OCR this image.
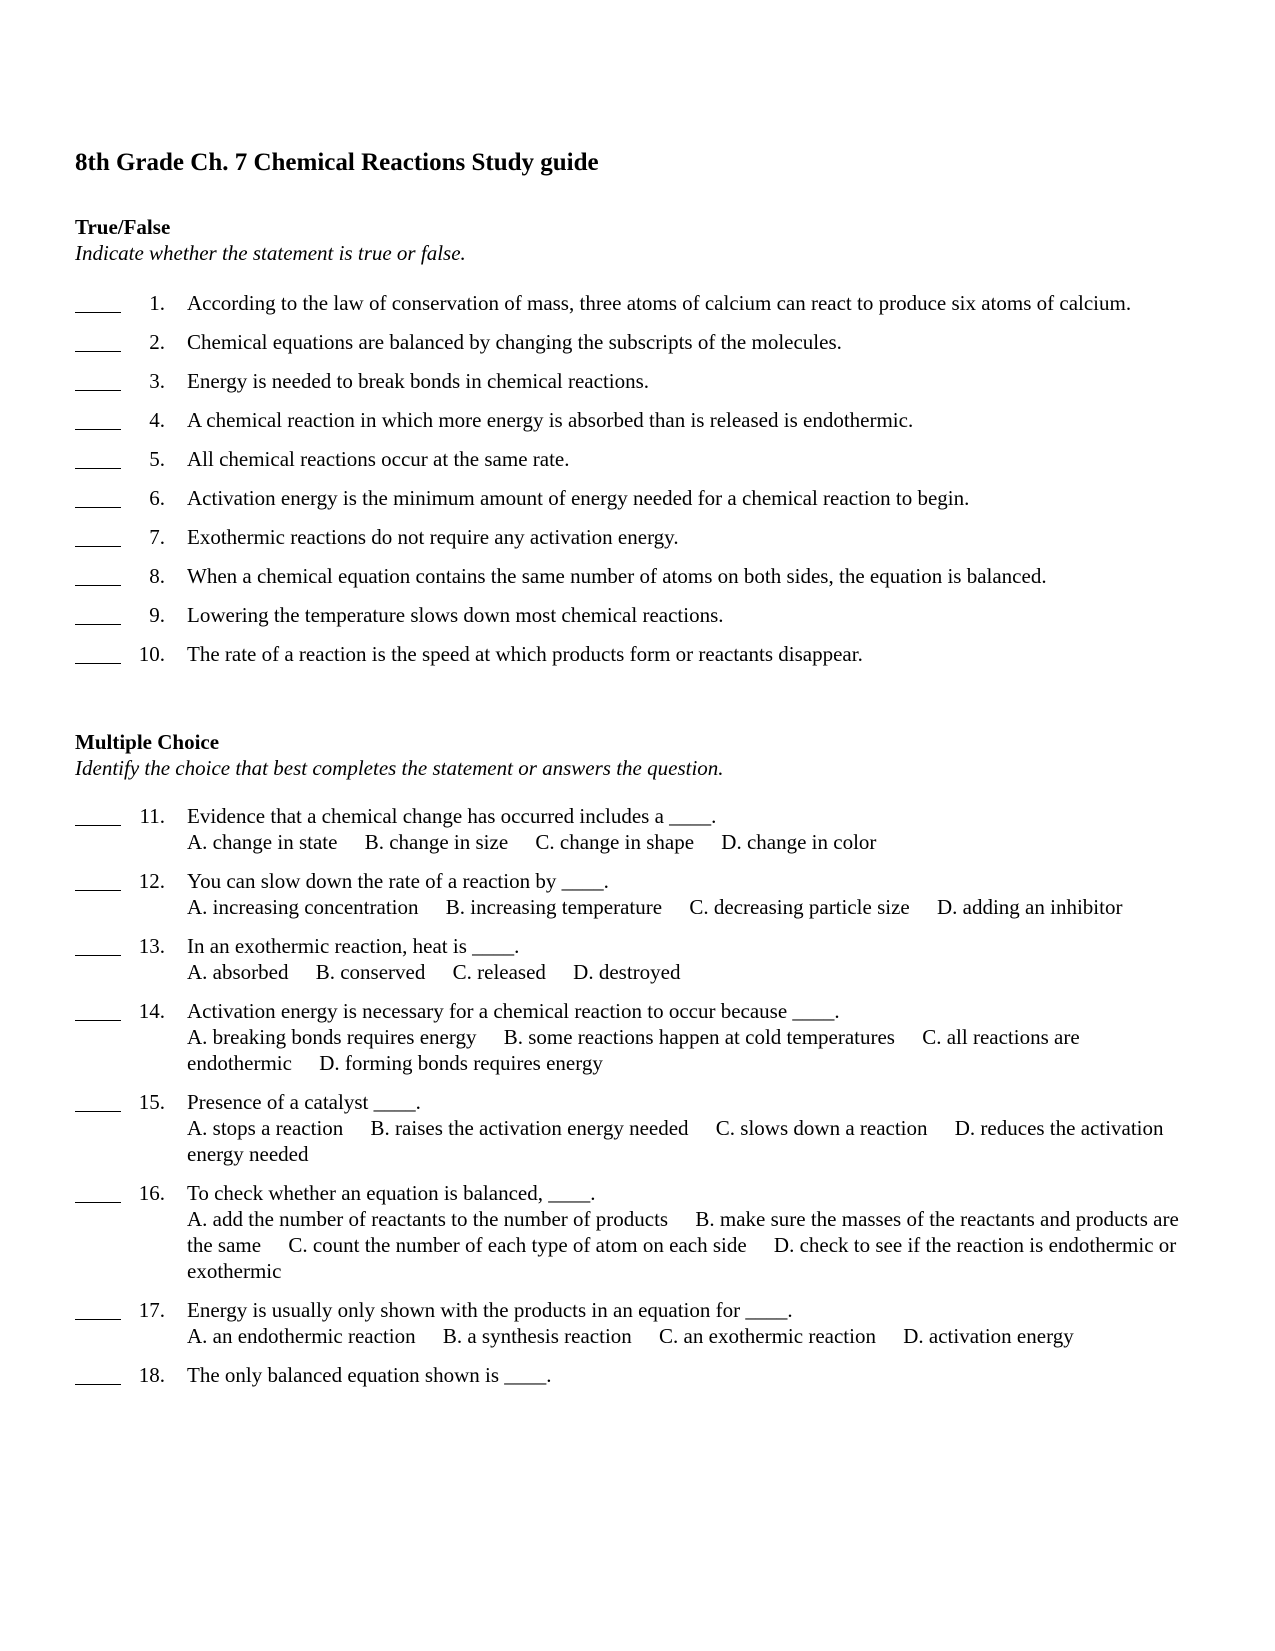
8th Grade Ch. 7 Chemical Reactions Study guide
True/False
Indicate whether the statement is true or false.
1. According to the law of conservation of mass, three atoms of calcium can react to produce six atoms of calcium.
2. Chemical equations are balanced by changing the subscripts of the molecules.
3. Energy is needed to break bonds in chemical reactions.
4. A chemical reaction in which more energy is absorbed than is released is endothermic.
5. All chemical reactions occur at the same rate.
6. Activation energy is the minimum amount of energy needed for a chemical reaction to begin.
7. Exothermic reactions do not require any activation energy.
8. When a chemical equation contains the same number of atoms on both sides, the equation is balanced.
9. Lowering the temperature slows down most chemical reactions.
10. The rate of a reaction is the speed at which products form or reactants disappear.
Multiple Choice
Identify the choice that best completes the statement or answers the question.
11. Evidence that a chemical change has occurred includes a ____.
A. change in state B. change in size C. change in shape D. change in color
12. You can slow down the rate of a reaction by ____.
A. increasing concentration B. increasing temperature C. decreasing particle size D. adding an inhibitor
13. In an exothermic reaction, heat is ____.
A. absorbed B. conserved C. released D. destroyed
14. Activation energy is necessary for a chemical reaction to occur because ____.
A. breaking bonds requires energy B. some reactions happen at cold temperatures C. all reactions are endothermic D. forming bonds requires energy
15. Presence of a catalyst ____.
A. stops a reaction B. raises the activation energy needed C. slows down a reaction D. reduces the activation energy needed
16. To check whether an equation is balanced, ____.
A. add the number of reactants to the number of products B. make sure the masses of the reactants and products are the same C. count the number of each type of atom on each side D. check to see if the reaction is endothermic or exothermic
17. Energy is usually only shown with the products in an equation for ____.
A. an endothermic reaction B. a synthesis reaction C. an exothermic reaction D. activation energy
18. The only balanced equation shown is ____.
